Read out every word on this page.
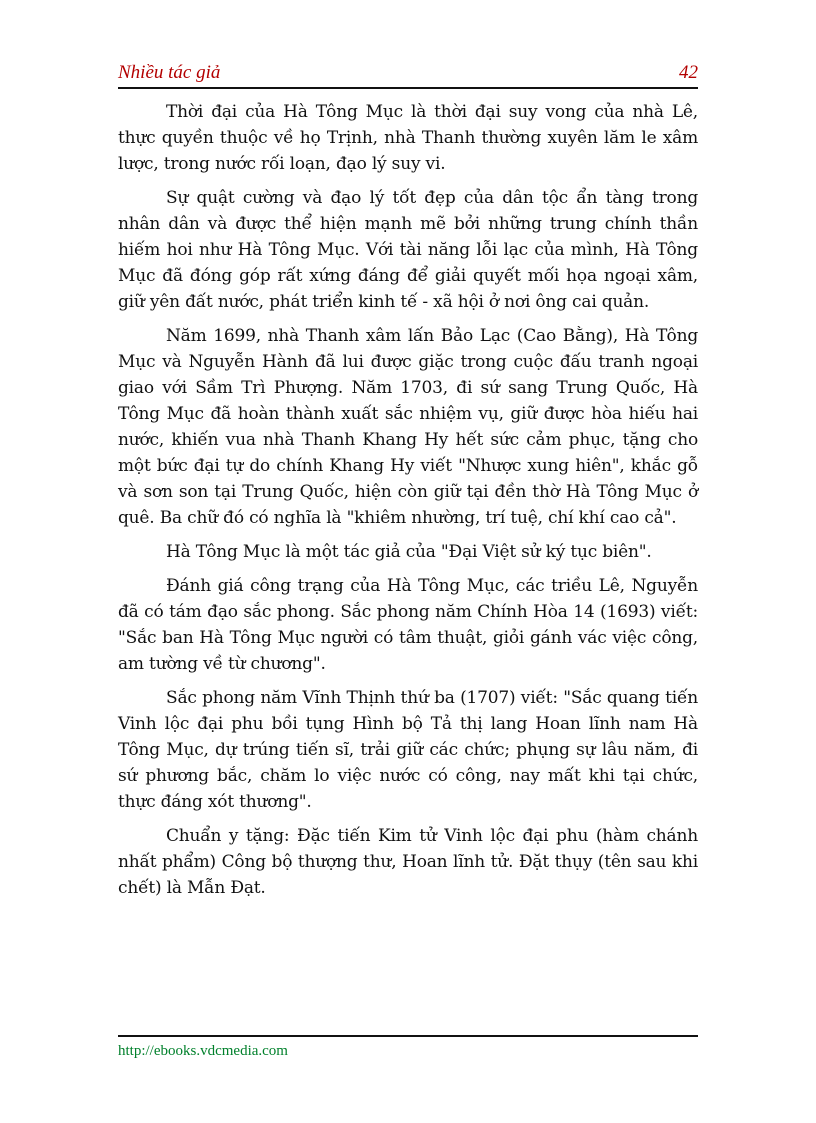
Nhiều tác giả	42

Thời đại của Hà Tông Mục là thời đại suy vong của nhà Lê, thực quyền thuộc về họ Trịnh, nhà Thanh thường xuyên lăm le xâm lược, trong nước rối loạn, đạo lý suy vi.

Sự quật cường và đạo lý tốt đẹp của dân tộc ẩn tàng trong nhân dân và được thể hiện mạnh mẽ bởi những trung chính thần hiếm hoi như Hà Tông Mục. Với tài năng lỗi lạc của mình, Hà Tông Mục đã đóng góp rất xứng đáng để giải quyết mối họa ngoại xâm, giữ yên đất nước, phát triển kinh tế - xã hội ở nơi ông cai quản.

Năm 1699, nhà Thanh xâm lấn Bảo Lạc (Cao Bằng), Hà Tông Mục và Nguyễn Hành đã lui được giặc trong cuộc đấu tranh ngoại giao với Sầm Trì Phượng. Năm 1703, đi sứ sang Trung Quốc, Hà Tông Mục đã hoàn thành xuất sắc nhiệm vụ, giữ được hòa hiếu hai nước, khiến vua nhà Thanh Khang Hy hết sức cảm phục, tặng cho một bức đại tự do chính Khang Hy viết "Nhược xung hiên", khắc gỗ và sơn son tại Trung Quốc, hiện còn giữ tại đền thờ Hà Tông Mục ở quê. Ba chữ đó có nghĩa là "khiêm nhường, trí tuệ, chí khí cao cả".

Hà Tông Mục là một tác giả của "Đại Việt sử ký tục biên".

Đánh giá công trạng của Hà Tông Mục, các triều Lê, Nguyễn đã có tám đạo sắc phong. Sắc phong năm Chính Hòa 14 (1693) viết: "Sắc ban Hà Tông Mục người có tâm thuật, giỏi gánh vác việc công, am tường về từ chương".

Sắc phong năm Vĩnh Thịnh thứ ba (1707) viết: "Sắc quang tiến Vinh lộc đại phu bồi tụng Hình bộ Tả thị lang Hoan lĩnh nam Hà Tông Mục, dự trúng tiến sĩ, trải giữ các chức; phụng sự lâu năm, đi sứ phương bắc, chăm lo việc nước có công, nay mất khi tại chức, thực đáng xót thương".

Chuẩn y tặng: Đặc tiến Kim tử Vinh lộc đại phu (hàm chánh nhất phẩm) Công bộ thượng thư, Hoan lĩnh tử. Đặt thụy (tên sau khi chết) là Mẫn Đạt.

http://ebooks.vdcmedia.com
